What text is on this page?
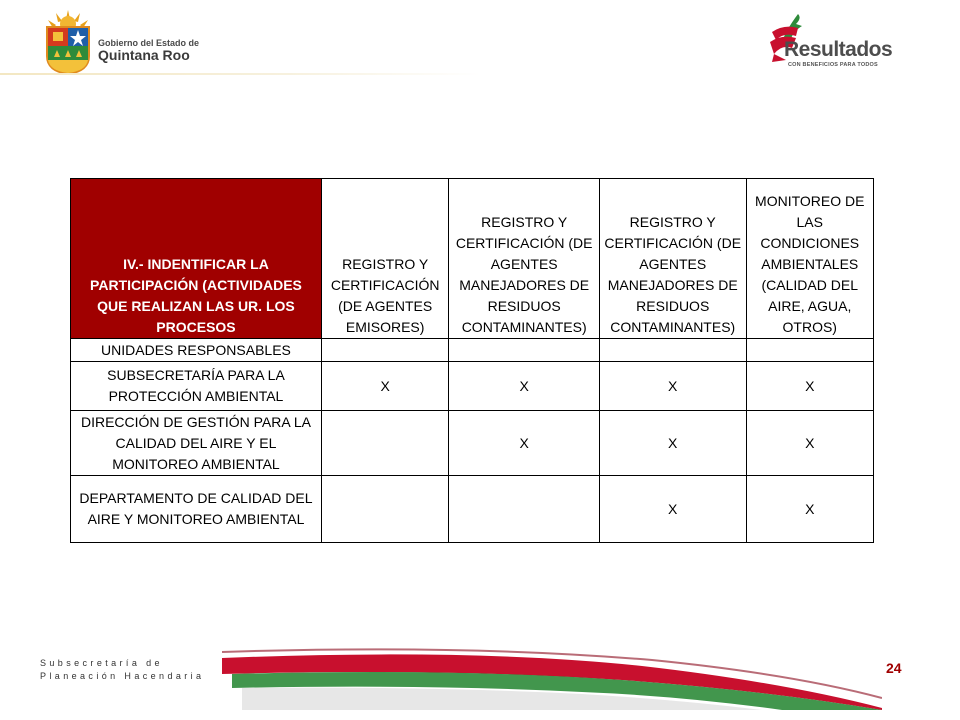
Gobierno del Estado de
Quintana Roo	Resultados
CON BENEFICIOS PARA TODOS
IV.- INDENTIFICAR LA PARTICIPACIÓN (ACTIVIDADES QUE REALIZAN LAS UR. LOS PROCESOS	REGISTRO Y CERTIFICACIÓN (DE AGENTES EMISORES)	REGISTRO Y CERTIFICACIÓN (DE AGENTES MANEJADORES DE RESIDUOS CONTAMINANTES)	REGISTRO Y CERTIFICACIÓN (DE AGENTES MANEJADORES DE RESIDUOS CONTAMINANTES)	MONITOREO DE LAS CONDICIONES AMBIENTALES (CALIDAD DEL AIRE, AGUA, OTROS)
UNIDADES RESPONSABLES				
SUBSECRETARÍA PARA LA PROTECCIÓN AMBIENTAL	X	X	X	X
DIRECCIÓN DE GESTIÓN PARA LA CALIDAD DEL AIRE Y EL MONITOREO AMBIENTAL		X	X	X
DEPARTAMENTO DE CALIDAD DEL AIRE Y MONITOREO AMBIENTAL			X	X
Subsecretaría de
Planeación Hacendaria	24
